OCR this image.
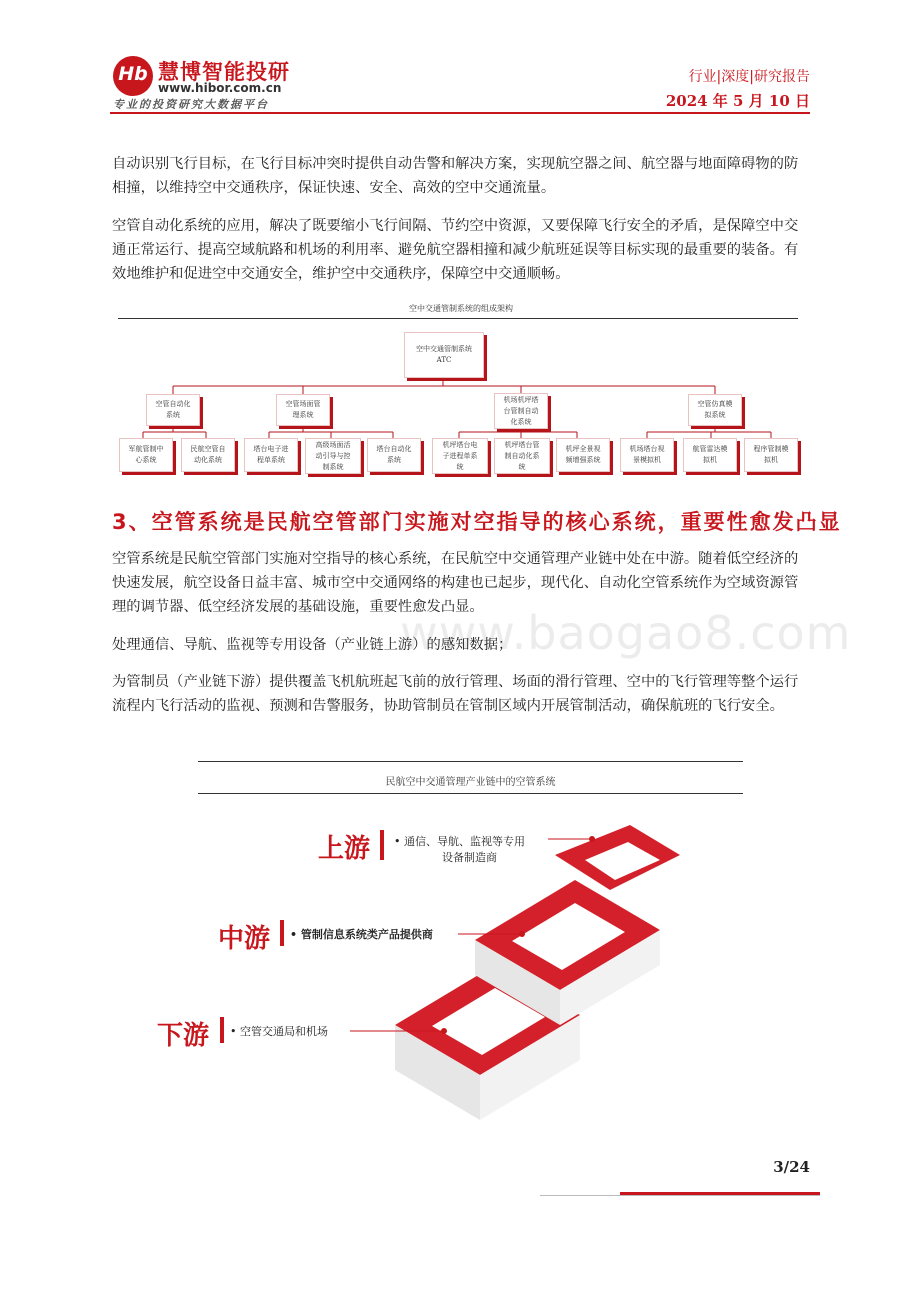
Hb 慧博智能投研
www.hibor.com.cn
专业的投资研究大数据平台
行业|深度|研究报告
2024 年 5 月 10 日

自动识别飞行目标，在飞行目标冲突时提供自动告警和解决方案，实现航空器之间、航空器与地面障碍物的防相撞，以维持空中交通秩序，保证快速、安全、高效的空中交通流量。

空管自动化系统的应用，解决了既要缩小飞行间隔、节约空中资源，又要保障飞行安全的矛盾，是保障空中交通正常运行、提高空域航路和机场的利用率、避免航空器相撞和减少航班延误等目标实现的最重要的装备。有效地维护和促进空中交通安全，维护空中交通秩序，保障空中交通顺畅。

空中交通管制系统的组成架构
空中交通管制系统
ATC
空管自动化
系统
空管场面管
理系统
机场机坪塔
台管制自动
化系统
空管仿真模
拟系统
军航管制中
心系统
民航空管自
动化系统
塔台电子进
程单系统
高级场面活
动引导与控
制系统
塔台自动化
系统
机坪塔台电
子进程单系
统
机坪塔台管
制自动化系
统
机坪全景视
频增强系统
机场塔台视
景模拟机
航管雷达模
拟机
程序管制模
拟机
3、空管系统是民航空管部门实施对空指导的核心系统，重要性愈发凸显
www.baogao8.com

空管系统是民航空管部门实施对空指导的核心系统，在民航空中交通管理产业链中处在中游。随着低空经济的快速发展，航空设备日益丰富、城市空中交通网络的构建也已起步，现代化、自动化空管系统作为空域资源管理的调节器、低空经济发展的基础设施，重要性愈发凸显。

处理通信、导航、监视等专用设备（产业链上游）的感知数据；

为管制员（产业链下游）提供覆盖飞机航班起飞前的放行管理、场面的滑行管理、空中的飞行管理等整个运行流程内飞行活动的监视、预测和告警服务，协助管制员在管制区域内开展管制活动，确保航班的飞行安全。

民航空中交通管理产业链中的空管系统
上游 • 通信、导航、监视等专用
设备制造商
中游 • 管制信息系统类产品提供商
下游 • 空管交通局和机场
3/24
